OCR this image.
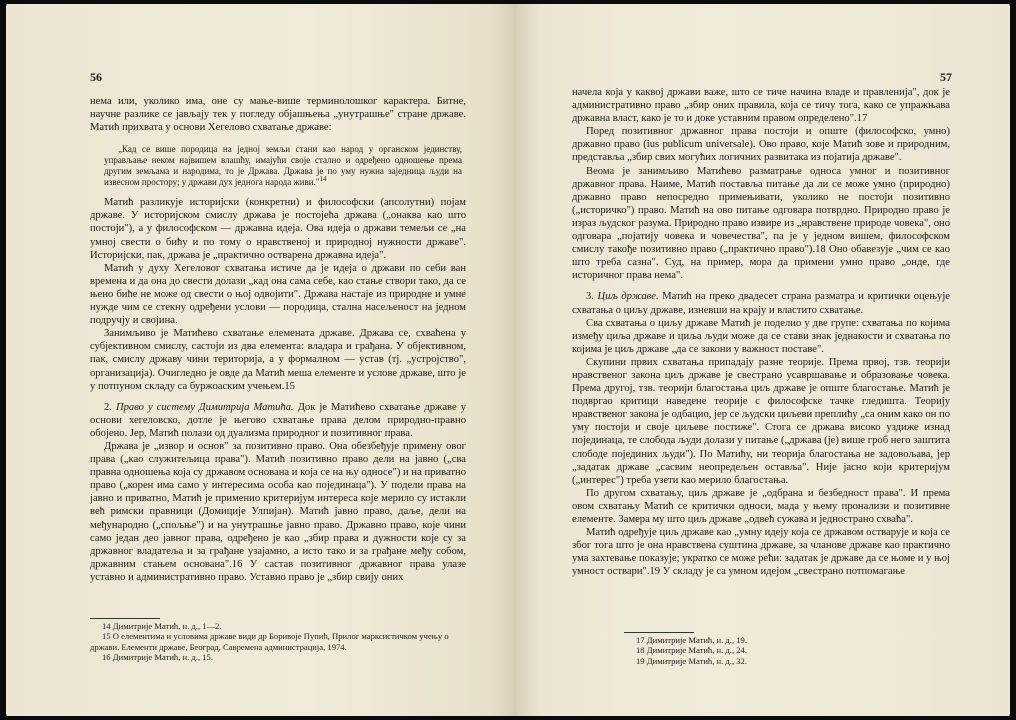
56

нема или, уколико има, оне су мање-више терминолошког карактера. Битне, научне разлике се јављају тек у погледу објашњења „унутрашње" стране државе. Матић прихвата у основи Хегелово схватање државе:

„Кад се више породица на једној земљи стани као народ у органском јединству, управљање неком највишем влашћу, имајући своје стално и одређено одношење према другим земљама и народима, то је Држава. Држава је по уму нужна заједница људи на извесном простору; у држави дух једнога народа живи."$^{14}$

Матић разликује историјски (конкретни) и философски (апсолутни) појам државе. У историјском смислу држава је постојећа држава („онаква као што постоји"), а у философском — државна идеја. Ова идеја о држави темељи се „на умној свести о бићу и по тому о нравственој и природној нужности државе". Историјски, пак, држава је „практично остварена државна идеја".

Матић у духу Хегеловог схватања истиче да је идеја о држави по себи ван времена и да она до свести долази „кад она сама себе, као стање створи тако, да се њено биће не може од свести о њој одвојити". Држава настаје из природне и умне нужде чим се стекну одређени услови — породица, стална насељеност на једном подручју и својина.

Занимљиво је Матићево схватање елемената државе. Држава се, схваћена у субјективном смислу, састоји из два елемента: владара и грађана. У објективном, пак, смислу државу чини територија, а у формалном — устав (тј. „устројство", организација). Очигледно је овде да Матић меша елементе и услове државе, што је у потпуном складу са буржоаским учењем.15

2. Право у систему Димитрија Матића. Док је Матићево схватање државе у основи хегеловско, дотле је његово схватање права делом природно-правно обојено. Јер, Матић полази од дуализма природног и позитивног права.

Држава је „извор и основ" за позитивно право. Она обезбеђује примену овог права („као служитељица права"). Матић позитивно право дели на јавно („сва правна одношења која су државом основана и која се на њу односе") и на приватно право („корен има само у интересима особа као појединаца"). У подели права на јавно и приватно, Матић је применио критеријум интереса које мерило су истакли већ римски правници (Домиције Улпијан). Матић јавно право, даље, дели на међународно („спољње") и на унутрашње јавно право. Државно право, које чини само један део јавног права, одређено је као „збир права и дужности које су за државног владатеља и за грађане узајамно, а исто тако и за грађане међу собом, државним стањем основана".16 У састав позитивног државног права улазе уставно и административно право. Уставно право је „збир свију оних

14 Димитрије Матић, н. д., 1—2.

15 О елементима и условима државе види др Боривоје Пупић, Прилог марксистичком учењу о држави. Елементи државе, Београд, Савремена администрација, 1974.

16 Димитрије Матић, н. д., 15.

57

начела која у каквој држави важе, што се тиче начина владе и правлениja", док је административно право „збир оних правила, која се тичу тога, како се упражњава државна власт, како је то и доке уставним правом определено".17

Поред позитивног државног права постоји и опште (философско, умно) државно право (ius publicum universale). Ово право, које Матић зове и природним, представља „збир свих могућих логичних развитака из појатија државе".

Веома је занимљиво Матићево разматрање односа умног и позитивног државног права. Наиме, Матић поставља питање да ли се може умно (природно) државно право непосредно примењивати, уколико не постоји позитивно („историчко") право. Матић на ово питање одговара потврдно. Природно право је израз људског разума. Природно право извире из „нравствене природе човека", оно одговара „појатију човека и човечества", па је у једном вишем, философском смислу такође позитивно право („практично право").18 Оно обавезује „чим се као што треба сазна". Суд, на пример, мора да примени умно право „онде, где историчног права нема".

3. Циљ државе. Матић на преко двадесет страна разматра и критички оцењује схватања о циљу државе, изневши на крају и властито схватање.

Сва схватања о циљу државе Матић је поделио у две групе: схватања по којима између циља државе и циља људи може да се стави знак једнакости и схватања по којима је циљ државе „да се закони у важност поставе".

Скупини првих схватања припадају разне теорије. Према првој, тзв. теорији нравственог закона циљ државе је свестрано усавршавање и образовање човека. Према другој, тзв. теорији благостања циљ државе је опште благостање. Матић је подвргао критици наведене теорије с философске тачке гледишта. Теорију нравственог закона је одбацио, јер се људски циљеви преплићу „са оним како он по уму постоји и своје циљеве постиже". Стога се држава високо уздиже изнад појединаца, те слобода људи долази у питање („држава (је) више гроб него заштита слободе појединих људи"). По Матићу, ни теорија благостања не задовољава, јер „задатак државе „сасвим неопредељен оставља". Није јасно који критеријум („интерес") треба узети као мерило благостања.

По другом схватању, циљ државе је „одбрана и безбедност права". И према овом схватању Матић се критички односи, мада у њему пронализи и позитивне елементе. Замера му што циљ државе „одвећ сужава и једнострано схваћа".

Матић одређује циљ државе као „умну идеју која се државом остварује и која се због тога што је она нравствена суштина државе, за чланове државе као практично ума захтевање показује; укратко се може рећи: задатак је државе да се њоме и у њој умност оствари".19 У складу је са умном идејом „свестрано потпомагање

17 Димитрије Матић, н. д., 19.

18 Димитрије Матић, н. д., 24.

19 Димитрије Матић, н. д., 32.
